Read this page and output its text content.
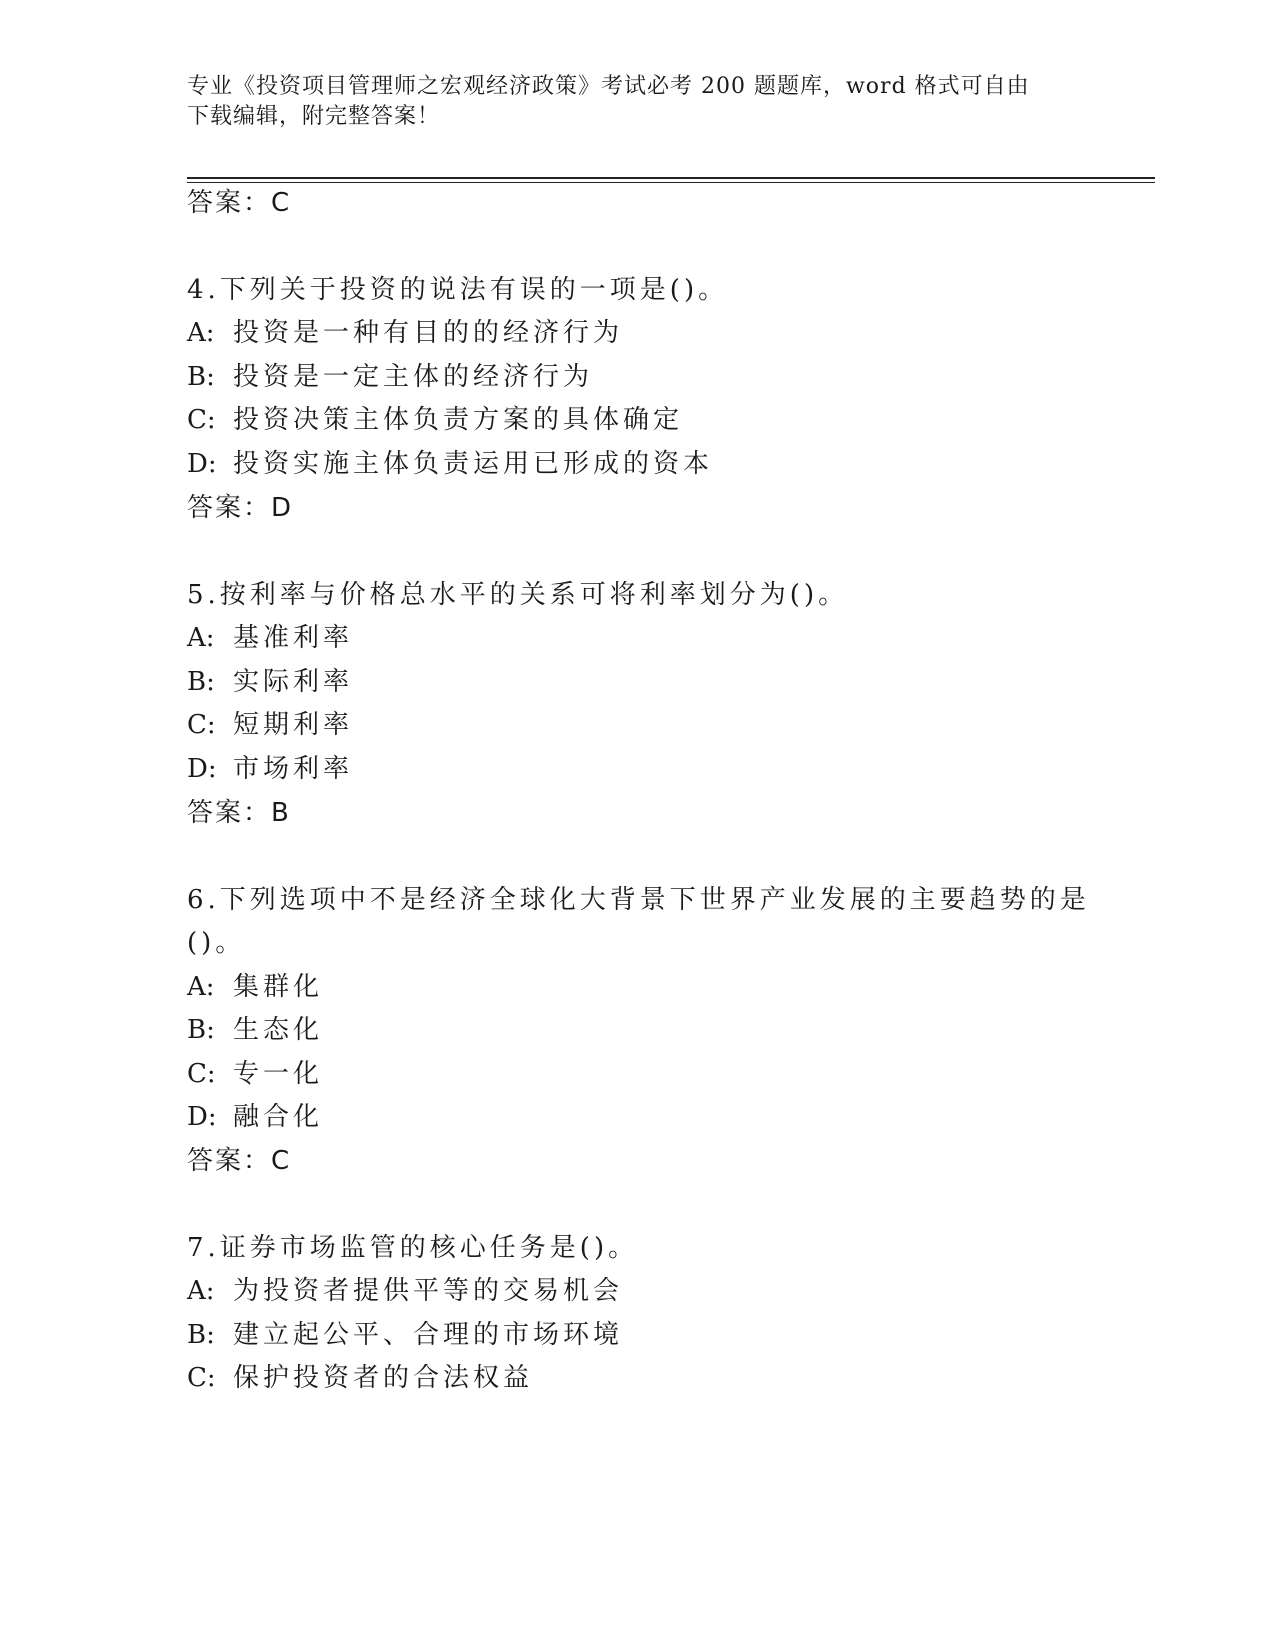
专业《投资项目管理师之宏观经济政策》考试必考 200 题题库，word 格式可自由
下载编辑，附完整答案！
答案：C
4.下列关于投资的说法有误的一项是()。
A: 投资是一种有目的的经济行为
B: 投资是一定主体的经济行为
C: 投资决策主体负责方案的具体确定
D: 投资实施主体负责运用已形成的资本
答案：D
5.按利率与价格总水平的关系可将利率划分为()。
A: 基准利率
B: 实际利率
C: 短期利率
D: 市场利率
答案：B
6.下列选项中不是经济全球化大背景下世界产业发展的主要趋势的是
()。
A: 集群化
B: 生态化
C: 专一化
D: 融合化
答案：C
7.证券市场监管的核心任务是()。
A: 为投资者提供平等的交易机会
B: 建立起公平、合理的市场环境
C: 保护投资者的合法权益
